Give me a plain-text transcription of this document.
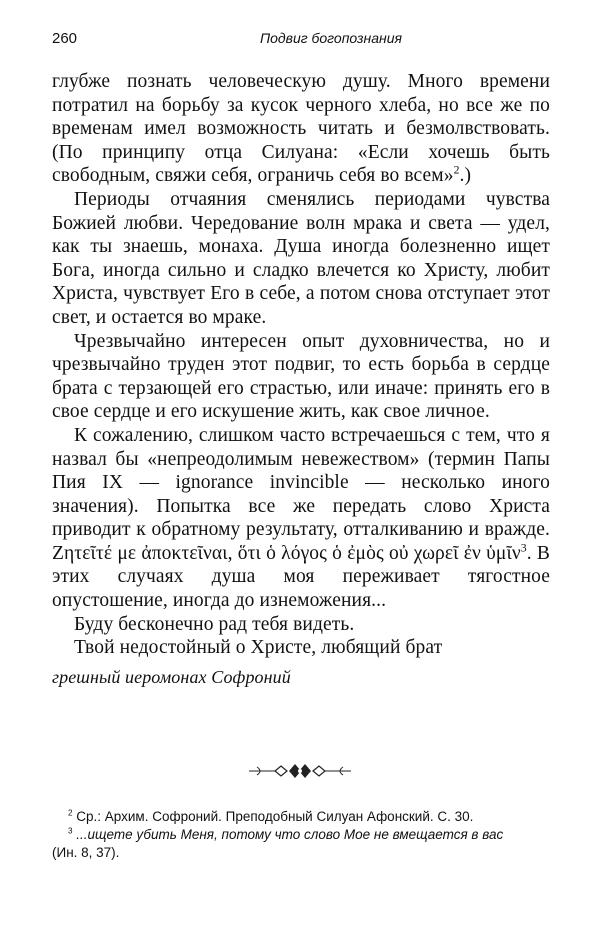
260	Подвиг богопознания

глубже познать человеческую душу. Много времени потратил на борьбу за кусок черного хлеба, но все же по временам имел возможность читать и безмолвствовать. (По принципу отца Силуана: «Если хочешь быть свободным, свяжи себя, ограничь себя во всем»$^2$.)

Периоды отчаяния сменялись периодами чувства Божией любви. Чередование волн мрака и света — удел, как ты знаешь, монаха. Душа иногда болезненно ищет Бога, иногда сильно и сладко влечется ко Христу, любит Христа, чувствует Его в себе, а потом снова отступает этот свет, и остается во мраке.

Чрезвычайно интересен опыт духовничества, но и чрезвычайно труден этот подвиг, то есть борьба в сердце брата с терзающей его страстью, или иначе: принять его в свое сердце и его искушение жить, как свое личное.

К сожалению, слишком часто встречаешься с тем, что я назвал бы «непреодолимым невежеством» (термин Папы Пия IX — ignorance invincible — несколько иного значения). Попытка все же передать слово Христа приводит к обратному результату, отталкиванию и вражде. Ζητεῖτέ με ἀποκτεῖναι, ὅτι ὁ λόγος ὁ ἐμὸς οὐ χωρεῖ ἐν ὑμῖν$^3$. В этих случаях душа моя переживает тягостное опустошение, иногда до изнеможения...

Буду бесконечно рад тебя видеть.

Твой недостойный о Христе, любящий брат

грешный иеромонах Софроний

$^2$ Ср.: Архим. Софроний. Преподобный Силуан Афонский. С. 30.

$^3$ ...ищете убить Меня, потому что слово Мое не вмещается в вас

(Ин. 8, 37).
